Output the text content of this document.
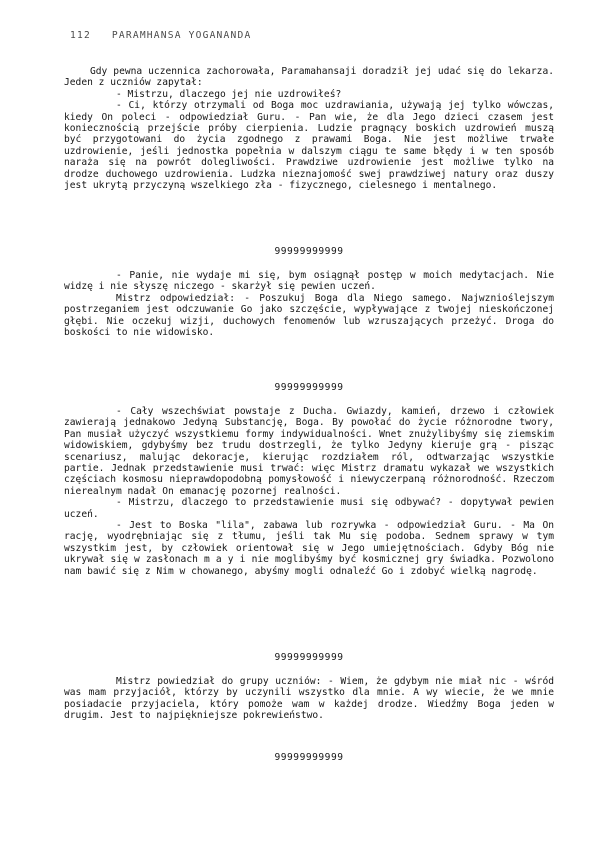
112 PARAMHANSA YOGANANDA

Gdy pewna uczennica zachorowała, Paramahansaji doradził jej udać się do lekarza. Jeden z uczniów zapytał:

- Mistrzu, dlaczego jej nie uzdrowiłeś?

- Ci, którzy otrzymali od Boga moc uzdrawiania, używają jej tylko wówczas, kiedy On poleci - odpowiedział Guru. - Pan wie, że dla Jego dzieci czasem jest koniecznością przejście próby cierpienia. Ludzie pragnący boskich uzdrowień muszą być przygotowani do życia zgodnego z prawami Boga. Nie jest możliwe trwałe uzdrowienie, jeśli jednostka popełnia w dalszym ciągu te same błędy i w ten sposób naraża się na powrót dolegliwości. Prawdziwe uzdrowienie jest możliwe tylko na drodze duchowego uzdrowienia. Ludzka nieznajomość swej prawdziwej natury oraz duszy jest ukrytą przyczyną wszelkiego zła - fizycznego, cielesnego i mentalnego.

99999999999

- Panie, nie wydaje mi się, bym osiągnął postęp w moich medytacjach. Nie widzę i nie słyszę niczego - skarżył się pewien uczeń.

Mistrz odpowiedział: - Poszukuj Boga dla Niego samego. Najwznioślejszym postrzeganiem jest odczuwanie Go jako szczęście, wypływające z twojej nieskończonej głębi. Nie oczekuj wizji, duchowych fenomenów lub wzruszających przeżyć. Droga do boskości to nie widowisko.

99999999999

- Cały wszechświat powstaje z Ducha. Gwiazdy, kamień, drzewo i człowiek zawierają jednakowo Jedyną Substancję, Boga. By powołać do życie różnorodne twory, Pan musiał użyczyć wszystkiemu formy indywidualności. Wnet znużylibyśmy się ziemskim widowiskiem, gdybyśmy bez trudu dostrzegli, że tylko Jedyny kieruje grą - pisząc scenariusz, malując dekoracje, kierując rozdziałem ról, odtwarzając wszystkie partie. Jednak przedstawienie musi trwać: więc Mistrz dramatu wykazał we wszystkich częściach kosmosu nieprawdopodobną pomysłowość i niewyczerpaną różnorodność. Rzeczom nierealnym nadał On emanację pozornej realności.

- Mistrzu, dlaczego to przedstawienie musi się odbywać? - dopytywał pewien uczeń.

- Jest to Boska "lila", zabawa lub rozrywka - odpowiedział Guru. - Ma On rację, wyodrębniając się z tłumu, jeśli tak Mu się podoba. Sednem sprawy w tym wszystkim jest, by człowiek orientował się w Jego umiejętnościach. Gdyby Bóg nie ukrywał się w zasłonach m a y i nie moglibyśmy być kosmicznej gry świadka. Pozwolono nam bawić się z Nim w chowanego, abyśmy mogli odnaleźć Go i zdobyć wielką nagrodę.

99999999999

Mistrz powiedział do grupy uczniów: - Wiem, że gdybym nie miał nic - wśród was mam przyjaciół, którzy by uczynili wszystko dla mnie. A wy wiecie, że we mnie posiadacie przyjaciela, który pomoże wam w każdej drodze. Wiedźmy Boga jeden w drugim. Jest to najpiękniejsze pokrewieństwo.

99999999999
